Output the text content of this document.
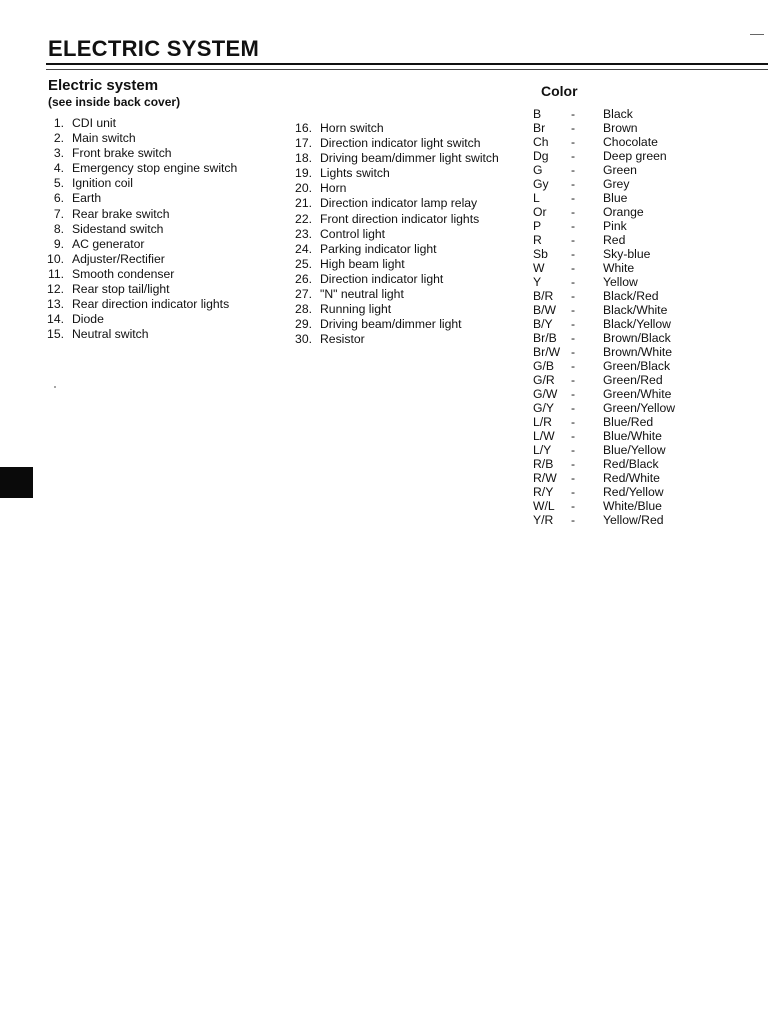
ELECTRIC SYSTEM
Electric system
(see inside back cover)
1. CDI unit
2. Main switch
3. Front brake switch
4. Emergency stop engine switch
5. Ignition coil
6. Earth
7. Rear brake switch
8. Sidestand switch
9. AC generator
10. Adjuster/Rectifier
11. Smooth condenser
12. Rear stop tail/light
13. Rear direction indicator lights
14. Diode
15. Neutral switch
16. Horn switch
17. Direction indicator light switch
18. Driving beam/dimmer light switch
19. Lights switch
20. Horn
21. Direction indicator lamp relay
22. Front direction indicator lights
23. Control light
24. Parking indicator light
25. High beam light
26. Direction indicator light
27. "N" neutral light
28. Running light
29. Driving beam/dimmer light
30. Resistor
Color
B - Black
Br - Brown
Ch - Chocolate
Dg - Deep green
G - Green
Gy - Grey
L	- Blue
Or - Orange
P - Pink
R - Red
Sb - Sky-blue
W - White
Y - Yellow
B/R - Black/Red
B/W - Black/White
B/Y - Black/Yellow
Br/B - Brown/Black
Br/W - Brown/White
G/B - Green/Black
G/R - Green/Red
G/W - Green/White
G/Y - Green/Yellow
L/R - Blue/Red
L/W - Blue/White
L/Y - Blue/Yellow
R/B - Red/Black
R/W - Red/White
R/Y - Red/Yellow
W/L - White/Blue
Y/R - Yellow/Red
